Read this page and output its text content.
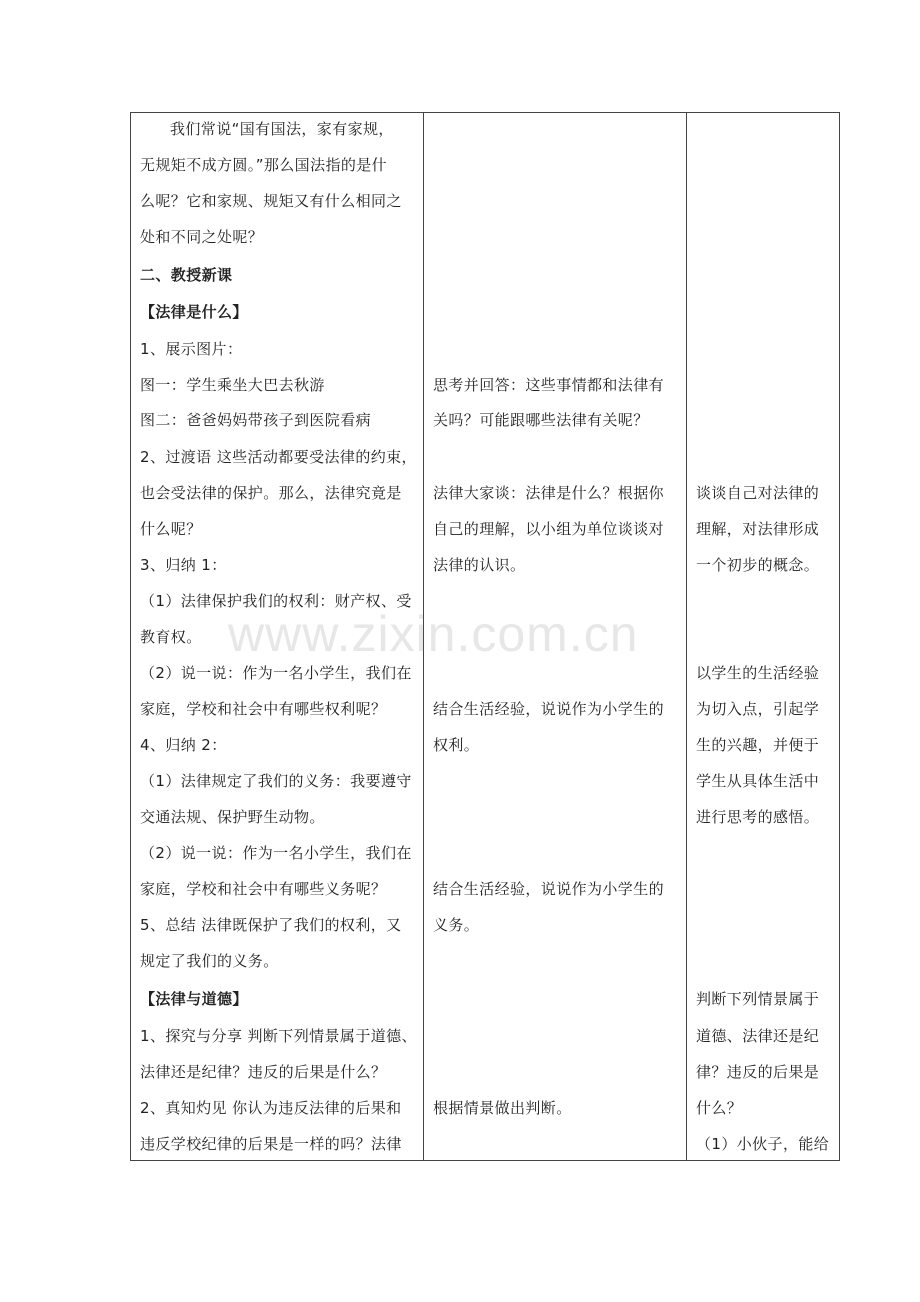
我们常说“国有国法，家有家规，
无规矩不成方圆。”那么国法指的是什
么呢？它和家规、规矩又有什么相同之
处和不同之处呢？
二、教授新课
【法律是什么】
1、展示图片：
图一：学生乘坐大巴去秋游
图二：爸爸妈妈带孩子到医院看病
2、过渡语 这些活动都要受法律的约束，
也会受法律的保护。那么，法律究竟是
什么呢？
3、归纳 1：
（1）法律保护我们的权利：财产权、受
教育权。
（2）说一说：作为一名小学生，我们在
家庭，学校和社会中有哪些权利呢？
4、归纳 2：
（1）法律规定了我们的义务：我要遵守
交通法规、保护野生动物。
（2）说一说：作为一名小学生，我们在
家庭，学校和社会中有哪些义务呢？
5、总结 法律既保护了我们的权利，又
规定了我们的义务。
【法律与道德】
1、探究与分享 判断下列情景属于道德、
法律还是纪律？违反的后果是什么？
2、真知灼见 你认为违反法律的后果和
违反学校纪律的后果是一样的吗？法律
思考并回答：这些事情都和法律有
关吗？可能跟哪些法律有关呢？
法律大家谈：法律是什么？根据你
自己的理解，以小组为单位谈谈对
法律的认识。
结合生活经验，说说作为小学生的
权利。
结合生活经验，说说作为小学生的
义务。
根据情景做出判断。
谈谈自己对法律的
理解，对法律形成
一个初步的概念。
以学生的生活经验
为切入点，引起学
生的兴趣，并便于
学生从具体生活中
进行思考的感悟。
判断下列情景属于
道德、法律还是纪
律？违反的后果是
什么？
（1）小伙子，能给
www.zixin.com.cn
